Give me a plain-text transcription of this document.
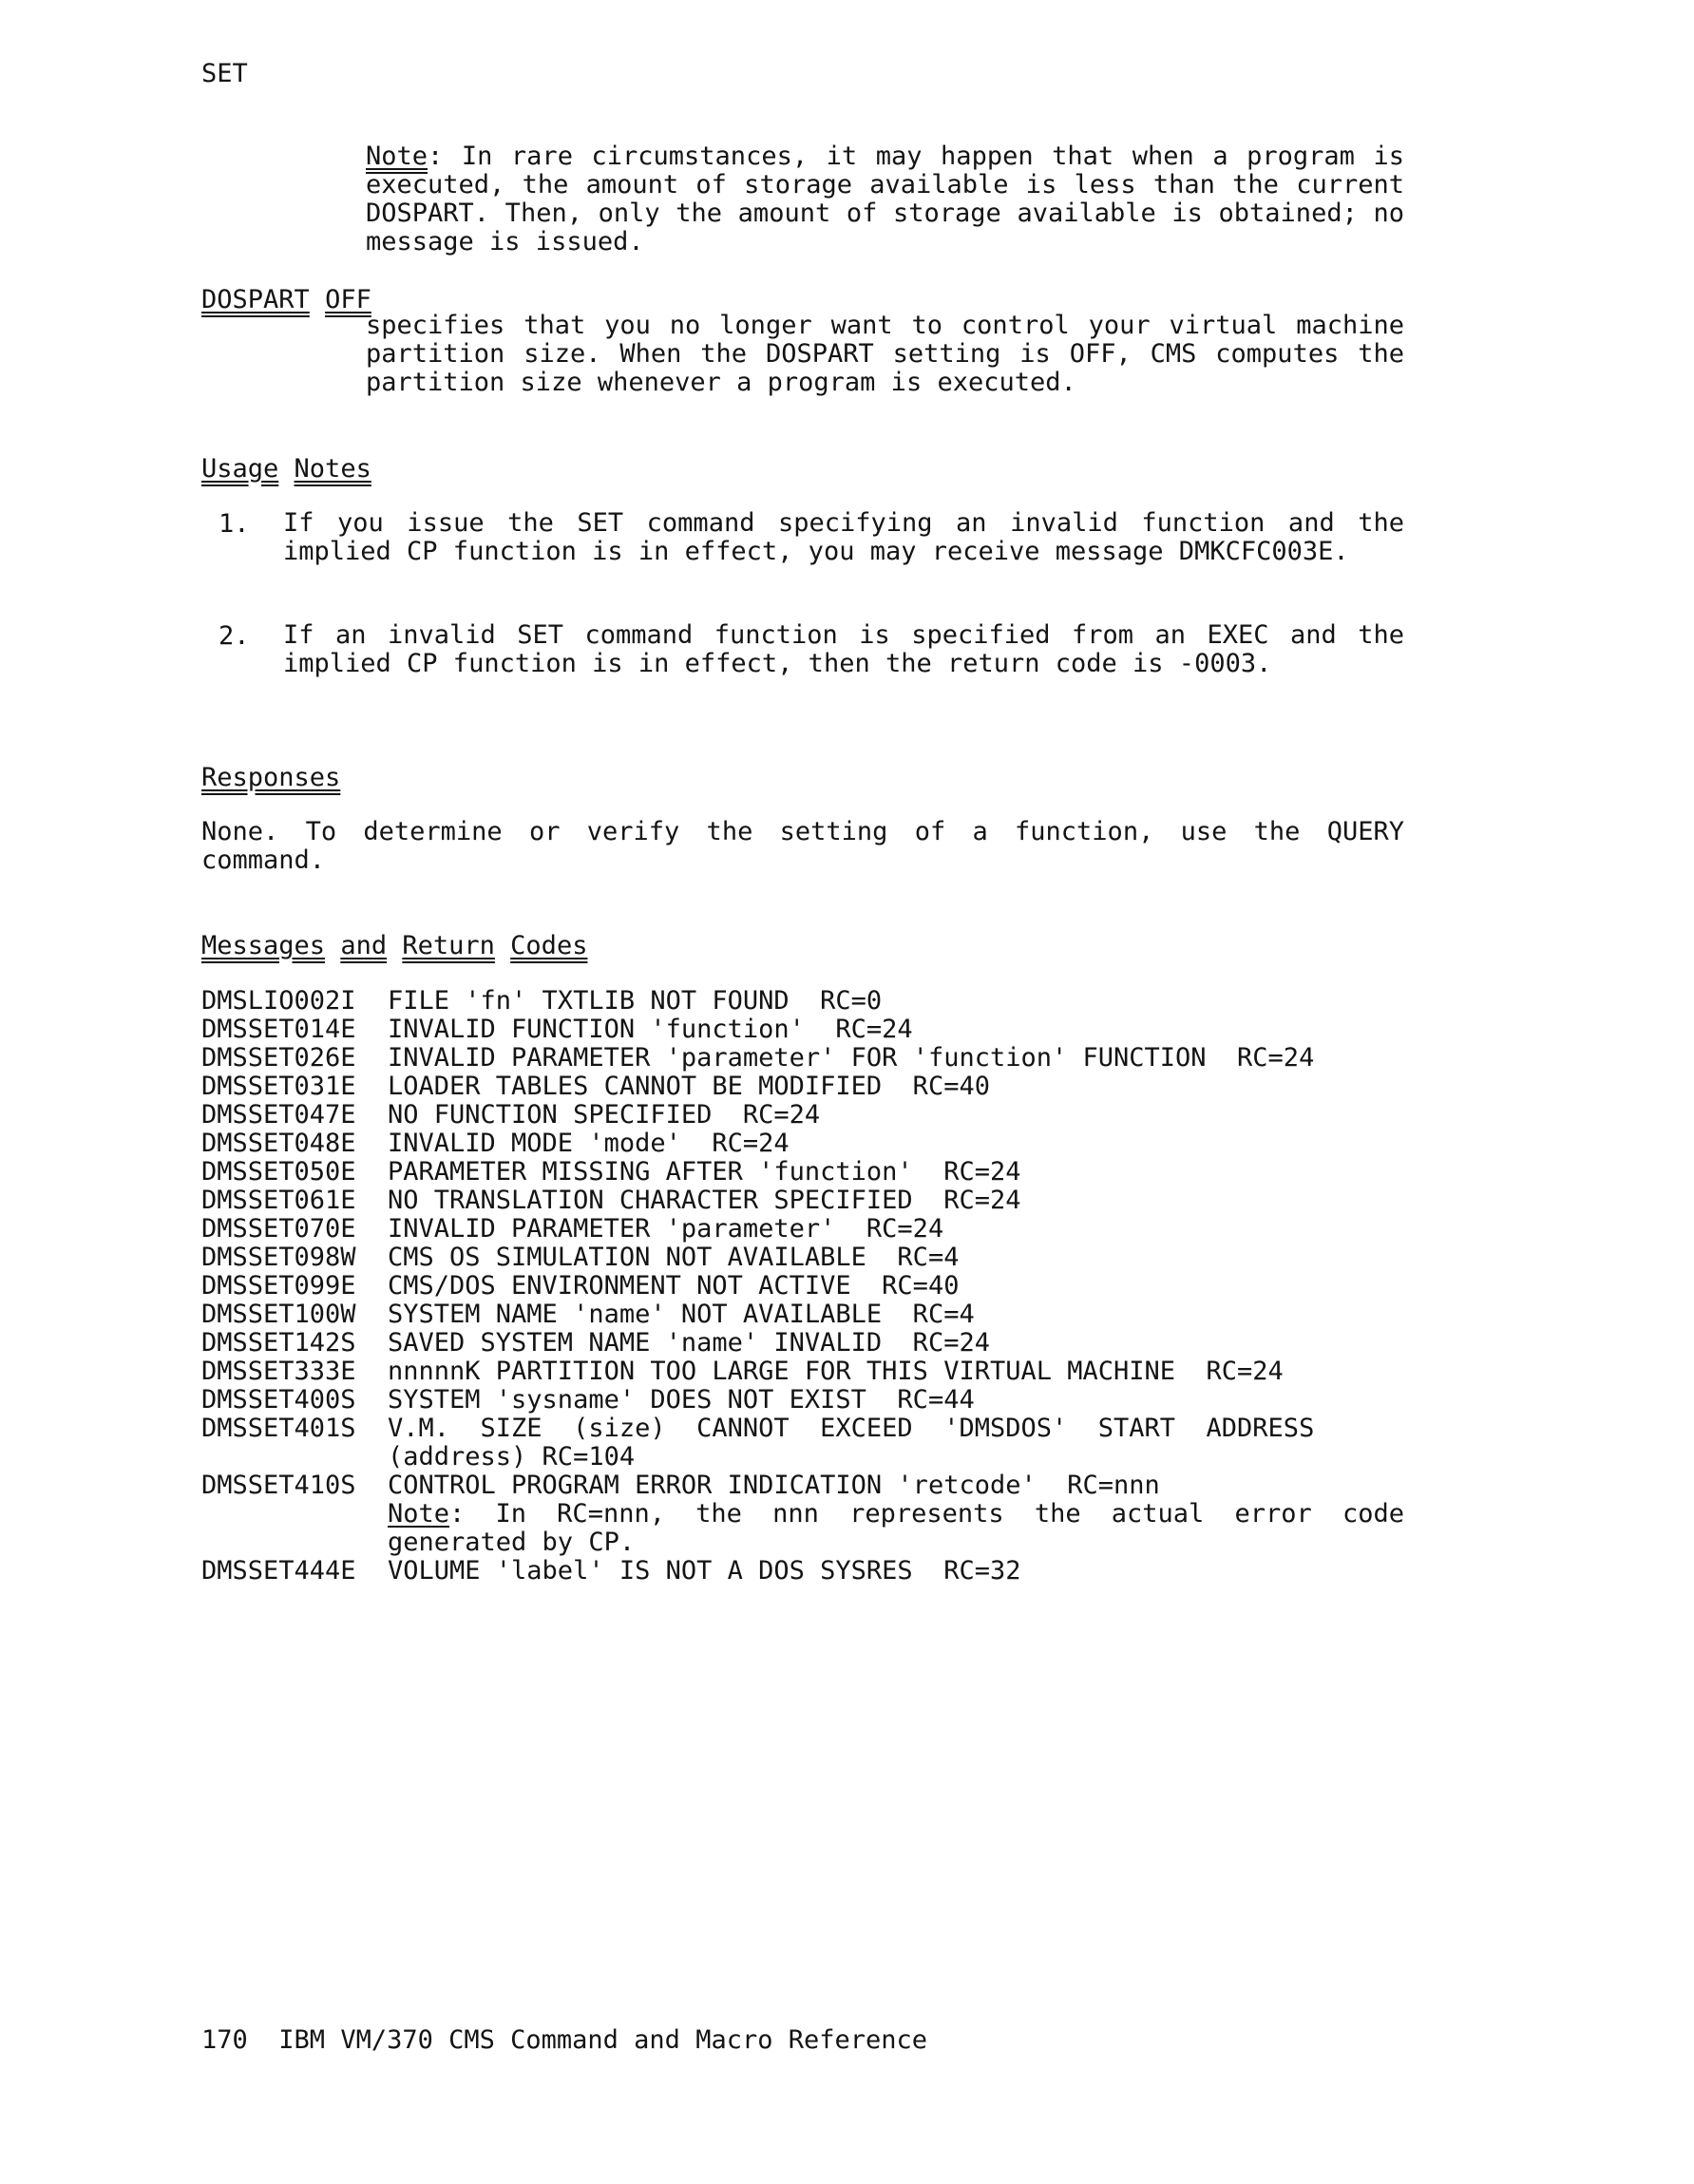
SET
Note: In rare circumstances, it may happen that when a program is executed, the amount of storage available is less than the current DOSPART. Then, only the amount of storage available is obtained; no message is issued.
DOSPART OFF
specifies that you no longer want to control your virtual machine partition size. When the DOSPART setting is OFF, CMS computes the partition size whenever a program is executed.
Usage Notes
1. If you issue the SET command specifying an invalid function and the implied CP function is in effect, you may receive message DMKCFC003E.
2. If an invalid SET command function is specified from an EXEC and the implied CP function is in effect, then the return code is -0003.
Responses
None. To determine or verify the setting of a function, use the QUERY command.
Messages and Return Codes
DMSLIO002I FILE 'fn' TXTLIB NOT FOUND  RC=0
DMSSET014E INVALID FUNCTION 'function'  RC=24
DMSSET026E INVALID PARAMETER 'parameter' FOR 'function' FUNCTION  RC=24
DMSSET031E LOADER TABLES CANNOT BE MODIFIED  RC=40
DMSSET047E NO FUNCTION SPECIFIED  RC=24
DMSSET048E INVALID MODE 'mode'  RC=24
DMSSET050E PARAMETER MISSING AFTER 'function'  RC=24
DMSSET061E NO TRANSLATION CHARACTER SPECIFIED  RC=24
DMSSET070E INVALID PARAMETER 'parameter'  RC=24
DMSSET098W CMS OS SIMULATION NOT AVAILABLE  RC=4
DMSSET099E CMS/DOS ENVIRONMENT NOT ACTIVE  RC=40
DMSSET100W SYSTEM NAME 'name' NOT AVAILABLE  RC=4
DMSSET142S SAVED SYSTEM NAME 'name' INVALID  RC=24
DMSSET333E nnnnnK PARTITION TOO LARGE FOR THIS VIRTUAL MACHINE  RC=24
DMSSET400S SYSTEM 'sysname' DOES NOT EXIST  RC=44
DMSSET401S V.M.  SIZE  (size)  CANNOT  EXCEED  'DMSDOS'  START  ADDRESS
(address) RC=104
DMSSET410S CONTROL PROGRAM ERROR INDICATION 'retcode'  RC=nnn
Note: In RC=nnn, the nnn represents the actual error code generated by CP.
DMSSET444E VOLUME 'label' IS NOT A DOS SYSRES  RC=32
170 IBM VM/370 CMS Command and Macro Reference
